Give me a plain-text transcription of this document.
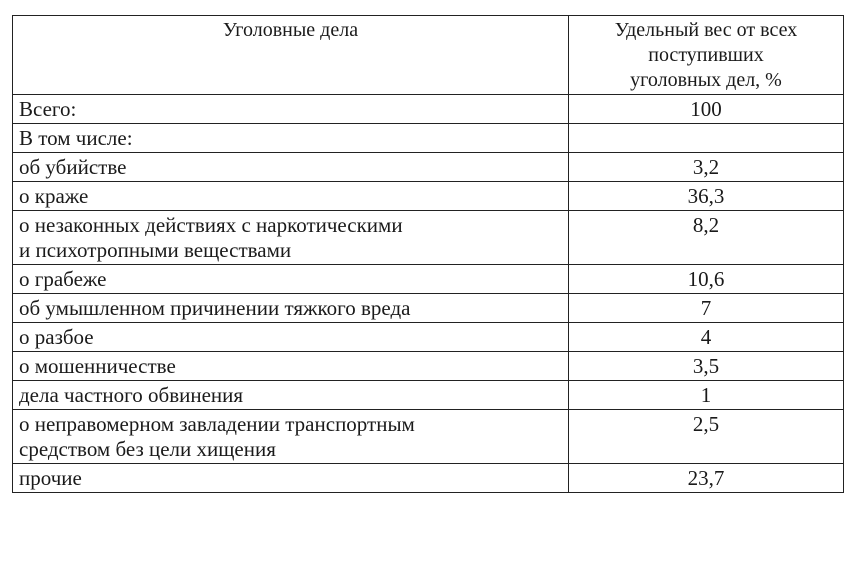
Уголовные дела	Удельный вес от всех
поступивших
уголовных дел, %

Всего:	100
В том числе:	
об убийстве	3,2
о краже	36,3

о незаконных действиях с наркотическими
и психотропными веществами	8,2
о грабеже	10,6
об умышленном причинении тяжкого вреда	7
о разбое	4
о мошенничестве	3,5
дела частного обвинения	1

о неправомерном завладении транспортным
средством без цели хищения	2,5
прочие	23,7
